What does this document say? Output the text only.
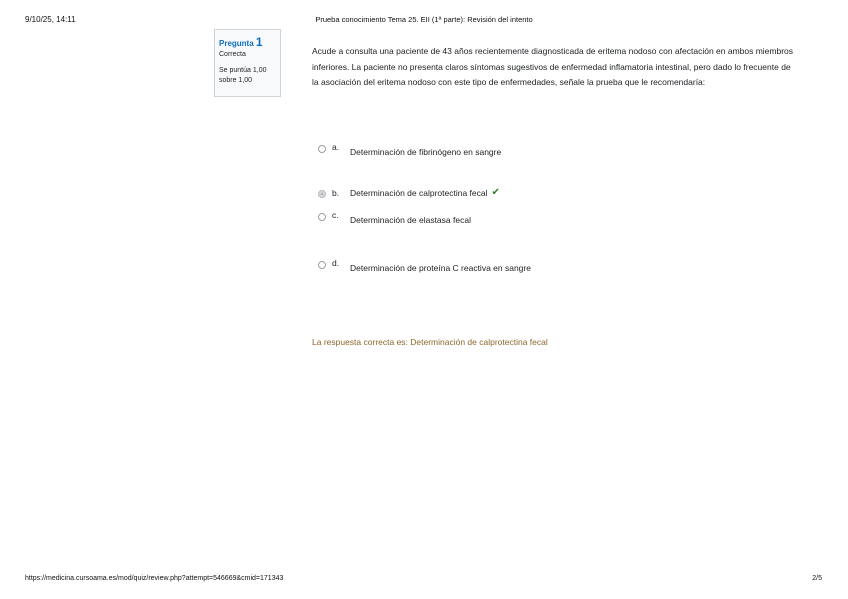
9/10/25, 14:11	Prueba conocimiento Tema 25. EII (1ª parte): Revisión del intento
Pregunta 1
Correcta
Se puntúa 1,00
sobre 1,00
Acude a consulta una paciente de 43 años recientemente diagnosticada de eritema nodoso con afectación en ambos miembros inferiores. La paciente no presenta claros síntomas sugestivos de enfermedad inflamatoria intestinal, pero dado lo frecuente de la asociación del eritema nodoso con este tipo de enfermedades, señale la prueba que le recomendaría:
a.	Determinación de fibrinógeno en sangre
b.	Determinación de calprotectina fecal ✔
c.	Determinación de elastasa fecal
d.	Determinación de proteína C reactiva en sangre
La respuesta correcta es: Determinación de calprotectina fecal
https://medicina.cursoama.es/mod/quiz/review.php?attempt=546669&cmid=171343	2/5
